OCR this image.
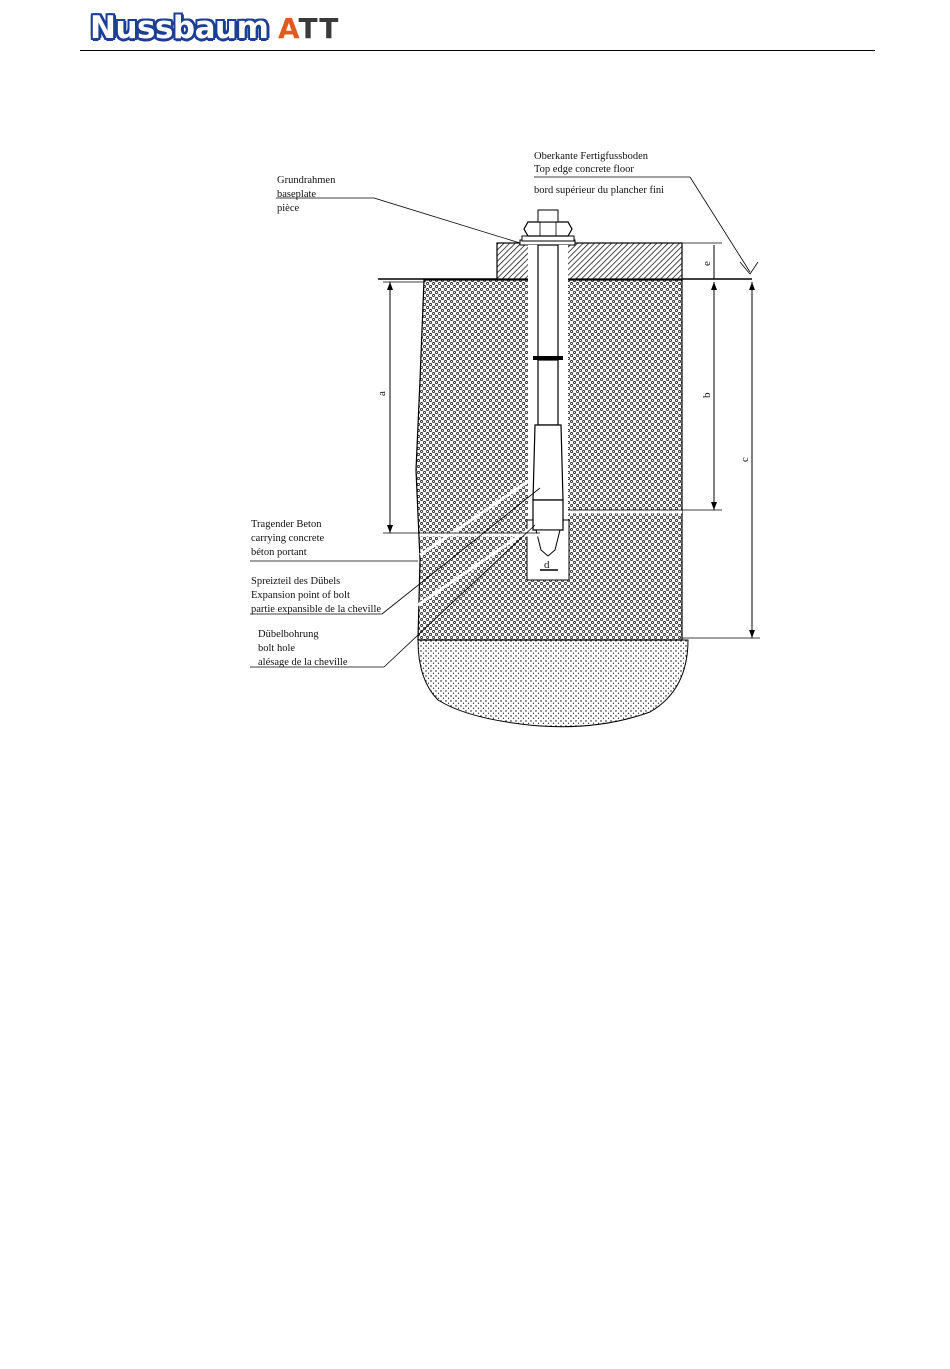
Nussbaum ATT
d
a
e
b
c
Grundrahmen
baseplate
pièce
Oberkante Fertigfussboden
Top edge concrete floor
bord supérieur du plancher fini
Tragender Beton
carrying concrete
béton portant
Spreizteil des Dübels
Expansion point of bolt
partie expansible de la cheville
Dübelbohrung
bolt hole
alésage de la cheville
